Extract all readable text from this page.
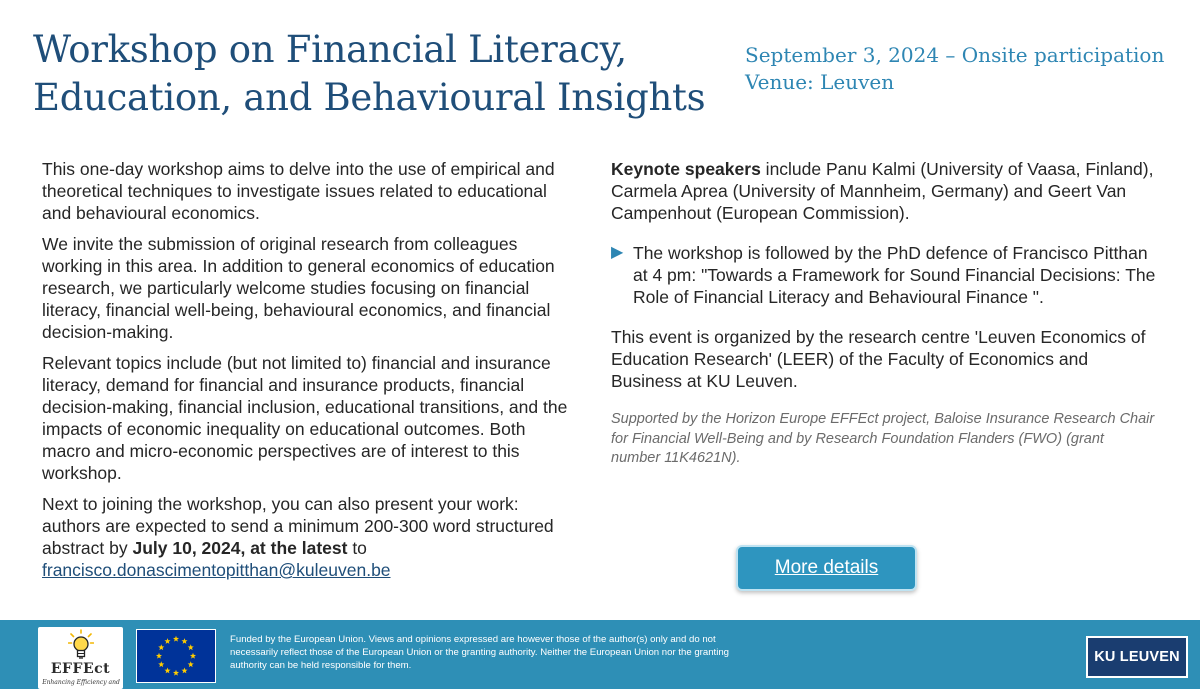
Workshop on Financial Literacy,
Education, and Behavioural Insights
September 3, 2024 – Onsite participation
Venue: Leuven

This one-day workshop aims to delve into the use of empirical and theoretical techniques to investigate issues related to educational and behavioural economics.

We invite the submission of original research from colleagues working in this area. In addition to general economics of education research, we particularly welcome studies focusing on financial literacy, financial well-being, behavioural economics, and financial decision-making.

Relevant topics include (but not limited to) financial and insurance literacy, demand for financial and insurance products, financial decision-making, financial inclusion, educational transitions, and the impacts of economic inequality on educational outcomes. Both macro and micro-economic perspectives are of interest to this workshop.

Next to joining the workshop, you can also present your work: authors are expected to send a minimum 200-300 word structured abstract by July 10, 2024, at the latest to
francisco.donascimentopitthan@kuleuven.be

Keynote speakers include Panu Kalmi (University of Vaasa, Finland), Carmela Aprea (University of Mannheim, Germany) and Geert Van Campenhout (European Commission).

▶ The workshop is followed by the PhD defence of Francisco Pitthan at 4 pm: "Towards a Framework for Sound Financial Decisions: The Role of Financial Literacy and Behavioural Finance ".

This event is organized by the research centre 'Leuven Economics of Education Research' (LEER) of the Faculty of Economics and Business at KU Leuven.

Supported by the Horizon Europe EFFEct project, Baloise Insurance Research Chair for Financial Well-Being and by Research Foundation Flanders (FWO) (grant number 11K4621N).

More details
EFFEct
Enhancing Efficiency and
Funded by the European Union. Views and opinions expressed are however those of the author(s) only and do not necessarily reflect those of the European Union or the granting authority. Neither the European Union nor the granting authority can be held responsible for them.
KU LEUVEN
